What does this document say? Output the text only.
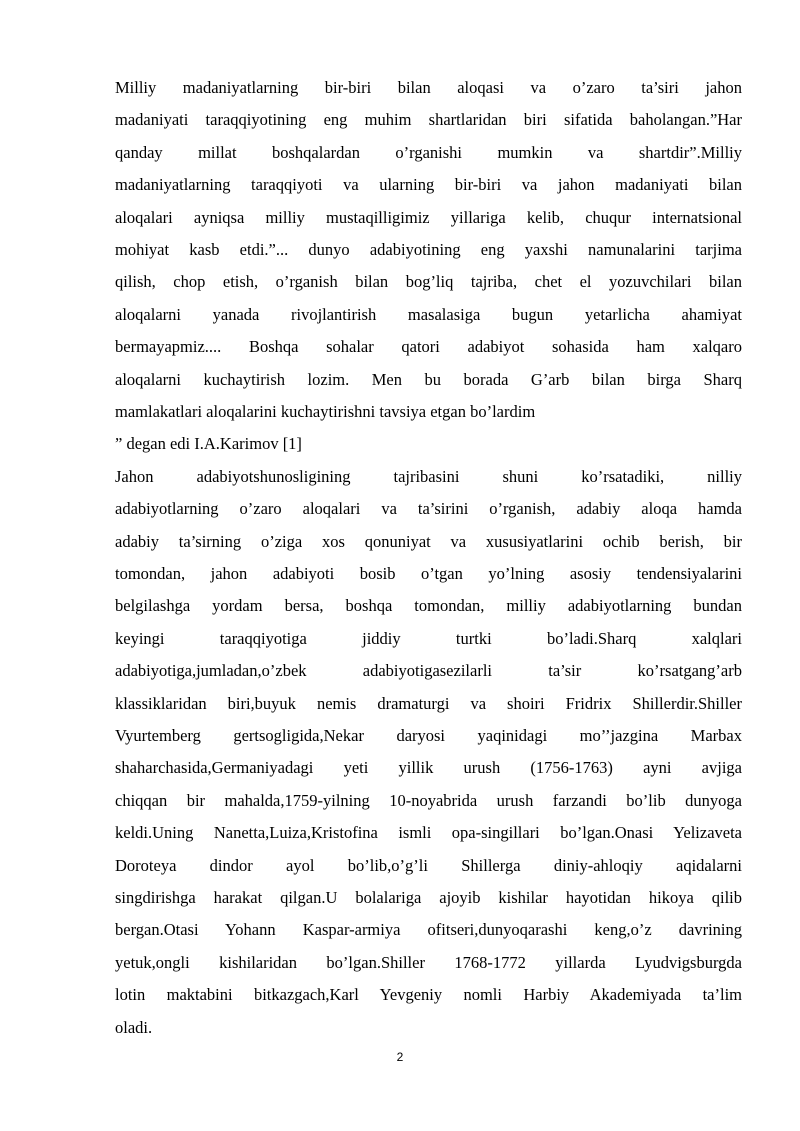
Milliy madaniyatlarning bir-biri bilan aloqasi va o’zaro ta’siri jahon
madaniyati taraqqiyotining eng muhim shartlaridan biri sifatida baholangan.”Har
qanday millat boshqalardan o’rganishi mumkin va shartdir”.Milliy
madaniyatlarning taraqqiyoti va ularning bir-biri va jahon madaniyati bilan
aloqalari ayniqsa milliy mustaqilligimiz yillariga kelib, chuqur internatsional
mohiyat kasb etdi.”... dunyo adabiyotining eng yaxshi namunalarini tarjima
qilish, chop etish, o’rganish bilan bog’liq tajriba, chet el yozuvchilari bilan
aloqalarni yanada rivojlantirish masalasiga bugun yetarlicha ahamiyat
bermayapmiz.... Boshqa sohalar qatori adabiyot sohasida ham xalqaro
aloqalarni kuchaytirish lozim. Men bu borada G’arb bilan birga Sharq
mamlakatlari aloqalarini kuchaytirishni tavsiya etgan bo’lardim
” degan edi I.A.Karimov [1]
Jahon adabiyotshunosligining tajribasini shuni ko’rsatadiki, nilliy
adabiyotlarning o’zaro aloqalari va ta’sirini o’rganish, adabiy aloqa hamda
adabiy ta’sirning o’ziga xos qonuniyat va xususiyatlarini ochib berish, bir
tomondan, jahon adabiyoti bosib o’tgan yo’lning asosiy tendensiyalarini
belgilashga yordam bersa, boshqa tomondan, milliy adabiyotlarning bundan
keyingi taraqqiyotiga jiddiy turtki bo’ladi.Sharq xalqlari
adabiyotiga,jumladan,o’zbek adabiyotigasezilarli ta’sir ko’rsatgang’arb
klassiklaridan biri,buyuk nemis dramaturgi va shoiri Fridrix Shillerdir.Shiller
Vyurtemberg gertsogligida,Nekar daryosi yaqinidagi mo’’jazgina Marbax
shaharchasida,Germaniyadagi yeti yillik urush (1756-1763) ayni avjiga
chiqqan bir mahalda,1759-yilning 10-noyabrida urush farzandi bo’lib dunyoga
keldi.Uning Nanetta,Luiza,Kristofina ismli opa-singillari bo’lgan.Onasi Yelizaveta
Doroteya dindor ayol bo’lib,o’g’li Shillerga diniy-ahloqiy aqidalarni
singdirishga harakat qilgan.U bolalariga ajoyib kishilar hayotidan hikoya qilib
bergan.Otasi Yohann Kaspar-armiya ofitseri,dunyoqarashi keng,o’z davrining
yetuk,ongli kishilaridan bo’lgan.Shiller 1768-1772 yillarda Lyudvigsburgda
lotin maktabini bitkazgach,Karl Yevgeniy nomli Harbiy Akademiyada ta’lim
oladi.
2
